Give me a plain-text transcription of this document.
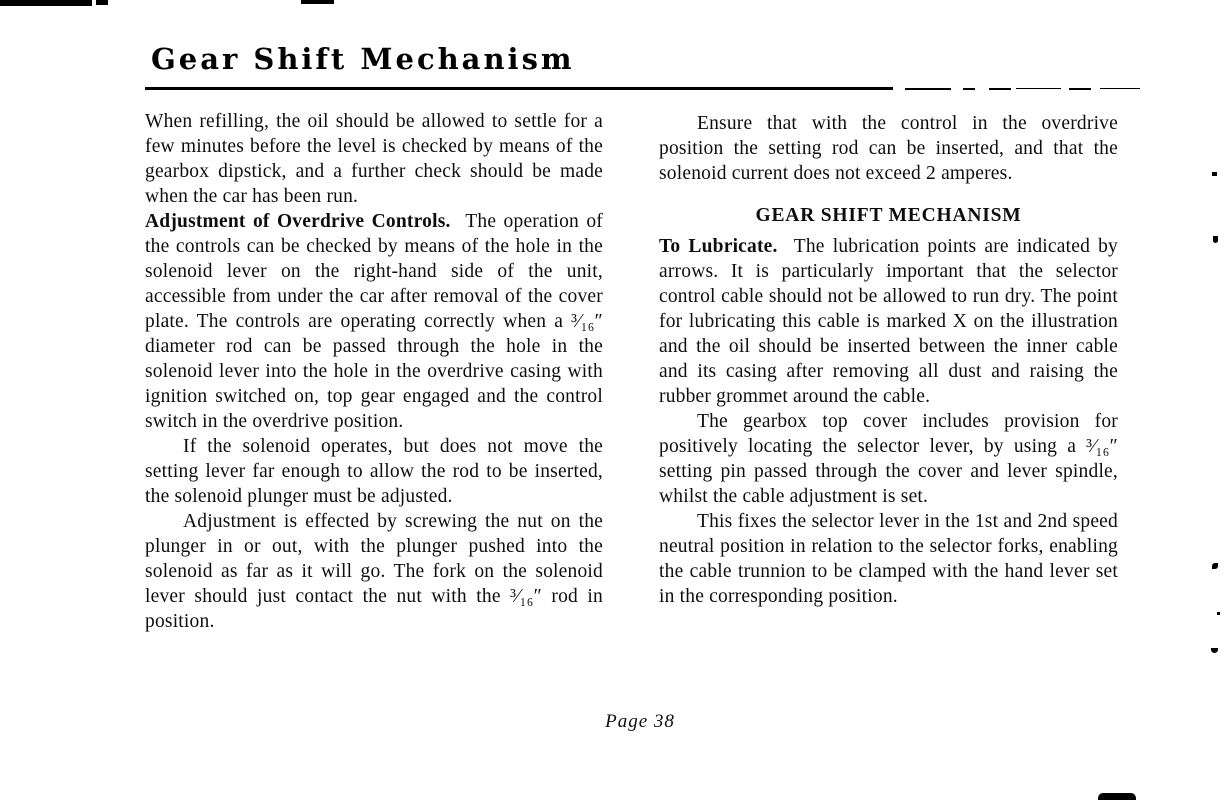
Gear Shift Mechanism

When refilling, the oil should be allowed to settle for a few minutes before the level is checked by means of the gearbox dipstick, and a further check should be made when the car has been run.

Adjustment of Overdrive Controls. The operation of the controls can be checked by means of the hole in the solenoid lever on the right-hand side of the unit, accessible from under the car after removal of the cover plate. The controls are operating correctly when a ³⁄₁₆″ diameter rod can be passed through the hole in the solenoid lever into the hole in the overdrive casing with ignition switched on, top gear engaged and the control switch in the overdrive position.

If the solenoid operates, but does not move the setting lever far enough to allow the rod to be inserted, the solenoid plunger must be adjusted.

Adjustment is effected by screwing the nut on the plunger in or out, with the plunger pushed into the solenoid as far as it will go. The fork on the solenoid lever should just contact the nut with the ³⁄₁₆″ rod in position.

Ensure that with the control in the overdrive position the setting rod can be inserted, and that the solenoid current does not exceed 2 amperes.

GEAR SHIFT MECHANISM

To Lubricate. The lubrication points are indicated by arrows. It is particularly important that the selector control cable should not be allowed to run dry. The point for lubricating this cable is marked X on the illustration and the oil should be inserted between the inner cable and its casing after removing all dust and raising the rubber grommet around the cable.

The gearbox top cover includes provision for positively locating the selector lever, by using a ³⁄₁₆″ setting pin passed through the cover and lever spindle, whilst the cable adjustment is set.

This fixes the selector lever in the 1st and 2nd speed neutral position in relation to the selector forks, enabling the cable trunnion to be clamped with the hand lever set in the corresponding position.

Page 38
